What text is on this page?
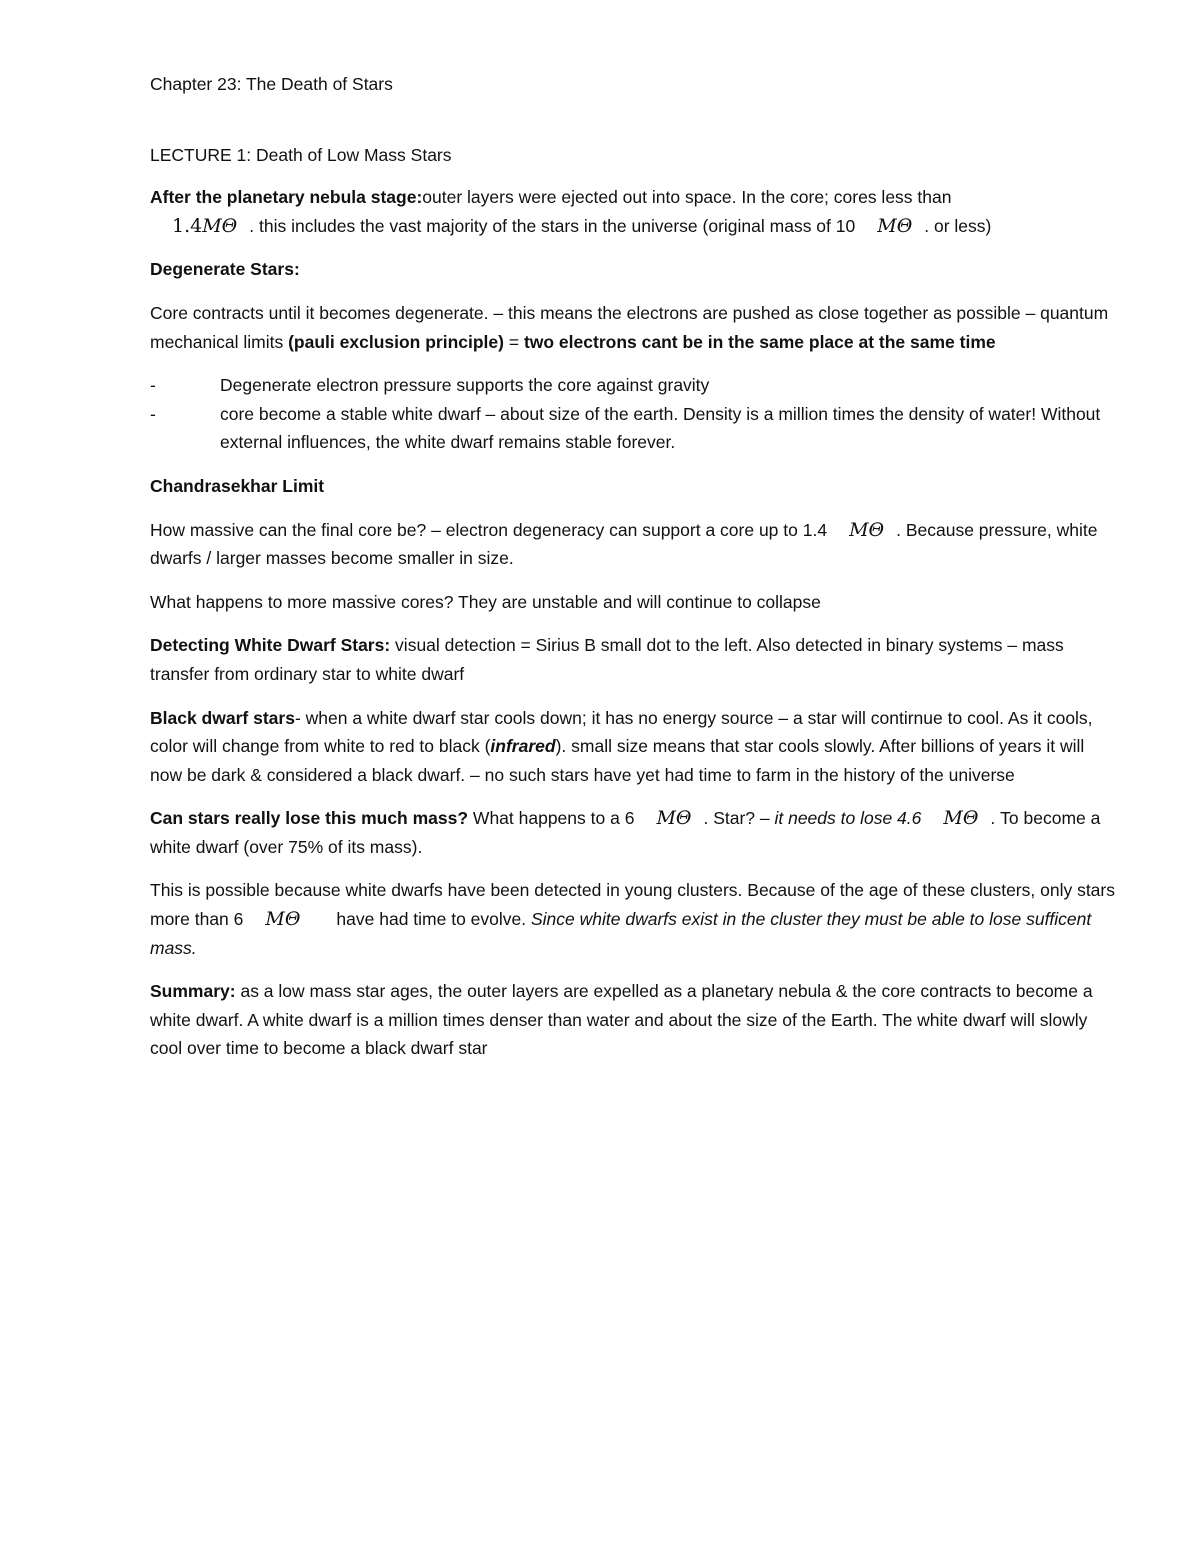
Chapter 23: The Death of Stars

LECTURE 1: Death of Low Mass Stars

After the planetary nebula stage:outer layers were ejected out into space. In the core; cores less than
1.4MΘ . this includes the vast majority of the stars in the universe (original mass of 10 MΘ . or less)

Degenerate Stars:

Core contracts until it becomes degenerate. – this means the electrons are pushed as close together as possible – quantum mechanical limits (pauli exclusion principle) = two electrons cant be in the same place at the same time

-	Degenerate electron pressure supports the core against gravity
-	core become a stable white dwarf – about size of the earth. Density is a million times the density of water! Without external influences, the white dwarf remains stable forever.

Chandrasekhar Limit

How massive can the final core be? – electron degeneracy can support a core up to 1.4 MΘ . Because pressure, white dwarfs / larger masses become smaller in size.

What happens to more massive cores? They are unstable and will continue to collapse

Detecting White Dwarf Stars: visual detection = Sirius B small dot to the left. Also detected in binary systems – mass transfer from ordinary star to white dwarf

Black dwarf stars- when a white dwarf star cools down; it has no energy source – a star will contirnue to cool. As it cools, color will change from white to red to black (infrared). small size means that star cools slowly. After billions of years it will now be dark & considered a black dwarf. – no such stars have yet had time to farm in the history of the universe

Can stars really lose this much mass? What happens to a 6 MΘ . Star? – it needs to lose 4.6 MΘ . To become a white dwarf (over 75% of its mass).

This is possible because white dwarfs have been detected in young clusters. Because of the age of these clusters, only stars more than 6 MΘ have had time to evolve. Since white dwarfs exist in the cluster they must be able to lose sufficent mass.

Summary: as a low mass star ages, the outer layers are expelled as a planetary nebula & the core contracts to become a white dwarf. A white dwarf is a million times denser than water and about the size of the Earth. The white dwarf will slowly cool over time to become a black dwarf star
